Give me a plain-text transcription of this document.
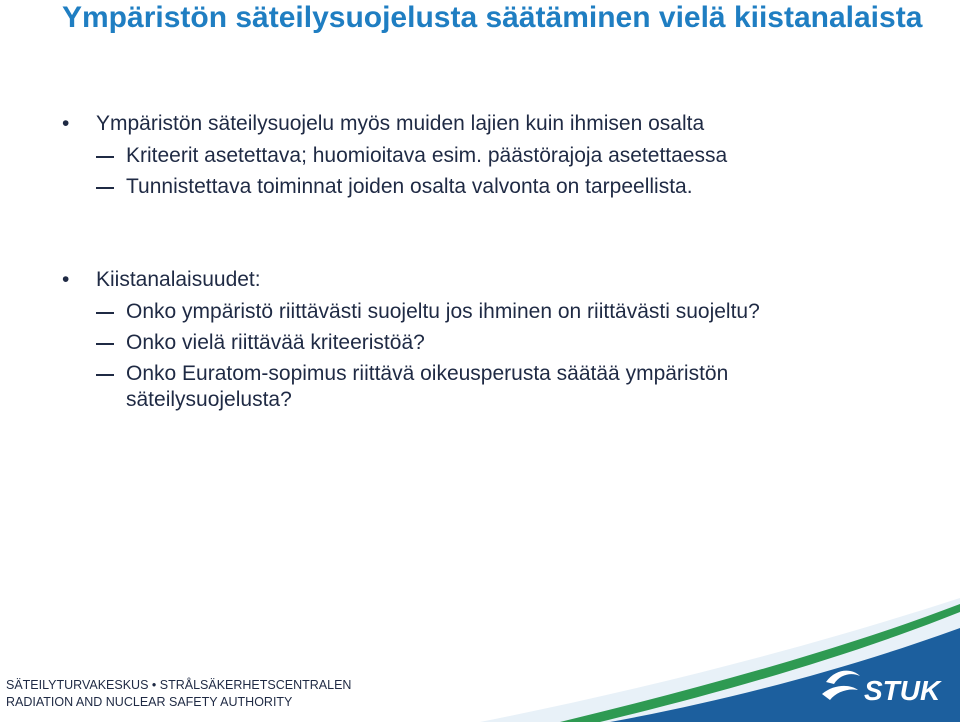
Ympäristön säteilysuojelusta säätäminen vielä kiistanalaista
•	Ympäristön säteilysuojelu myös muiden lajien kuin ihmisen osalta
Kriteerit asetettava; huomioitava esim. päästörajoja asetettaessa
Tunnistettava toiminnat joiden osalta valvonta on tarpeellista.
•	Kiistanalaisuudet:
Onko ympäristö riittävästi suojeltu jos ihminen on riittävästi suojeltu?
Onko vielä riittävää kriteeristöä?
Onko Euratom-sopimus riittävä oikeusperusta säätää ympäristön säteilysuojelusta?
STUK
SÄTEILYTURVAKESKUS • STRÅLSÄKERHETSCENTRALEN
RADIATION AND NUCLEAR SAFETY AUTHORITY
